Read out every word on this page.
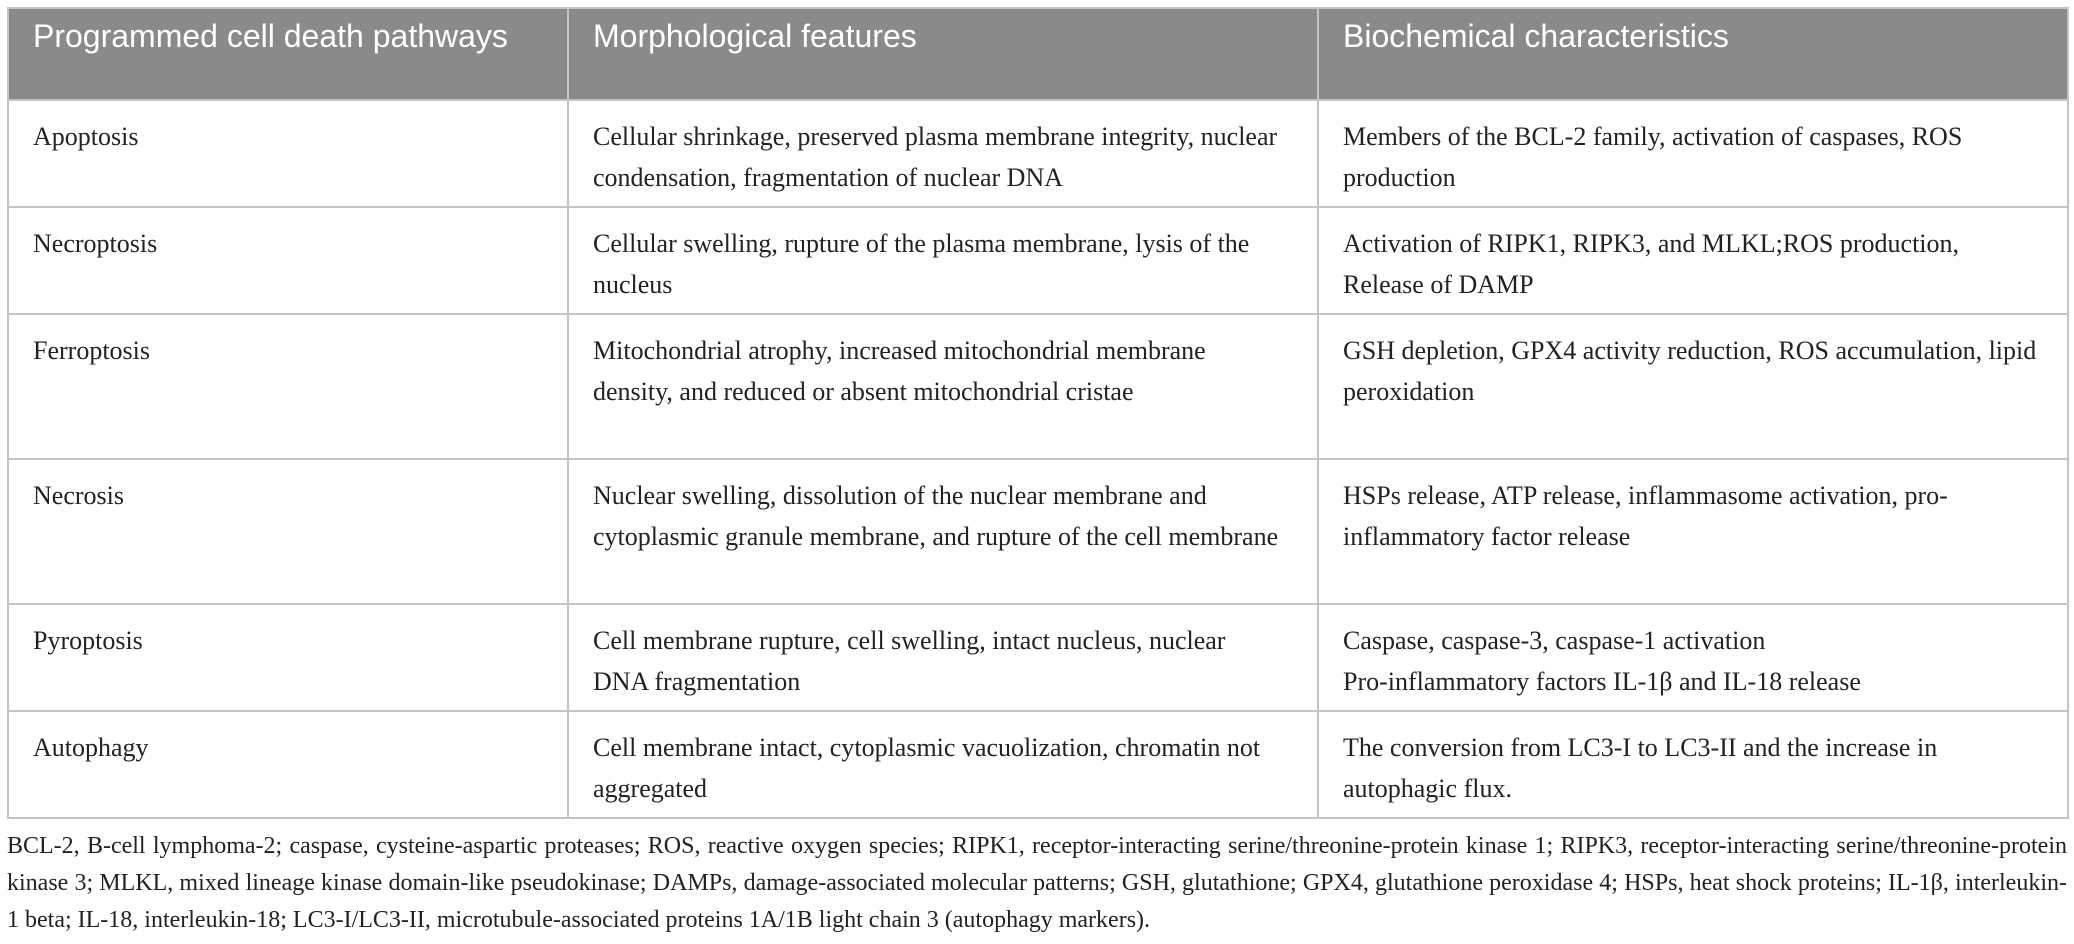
Programmed cell death pathways	Morphological features	Biochemical characteristics
Apoptosis	Cellular shrinkage, preserved plasma membrane integrity, nuclear condensation, fragmentation of nuclear DNA	Members of the BCL-2 family, activation of caspases, ROS production

Necroptosis	Cellular swelling, rupture of the plasma membrane, lysis of the nucleus	Activation of RIPK1, RIPK3, and MLKL;ROS production, Release of DAMP

Ferroptosis	Mitochondrial atrophy, increased mitochondrial membrane density, and reduced or absent mitochondrial cristae	GSH depletion, GPX4 activity reduction, ROS accumulation, lipid peroxidation

Necrosis	Nuclear swelling, dissolution of the nuclear membrane and cytoplasmic granule membrane, and rupture of the cell membrane	HSPs release, ATP release, inflammasome activation, pro-inflammatory factor release

Pyroptosis	Cell membrane rupture, cell swelling, intact nucleus, nuclear DNA fragmentation	Caspase, caspase-3, caspase-1 activation
Pro-inflammatory factors IL-1β and IL-18 release

Autophagy	Cell membrane intact, cytoplasmic vacuolization, chromatin not aggregated	The conversion from LC3-I to LC3-II and the increase in autophagic flux.
BCL-2, B-cell lymphoma-2; caspase, cysteine-aspartic proteases; ROS, reactive oxygen species; RIPK1, receptor-interacting serine/threonine-protein kinase 1; RIPK3, receptor-interacting serine/threonine-protein kinase 3; MLKL, mixed lineage kinase domain-like pseudokinase; DAMPs, damage-associated molecular patterns; GSH, glutathione; GPX4, glutathione peroxidase 4; HSPs, heat shock proteins; IL-1β, interleukin-1 beta; IL-18, interleukin-18; LC3-I/LC3-II, microtubule-associated proteins 1A/1B light chain 3 (autophagy markers).
